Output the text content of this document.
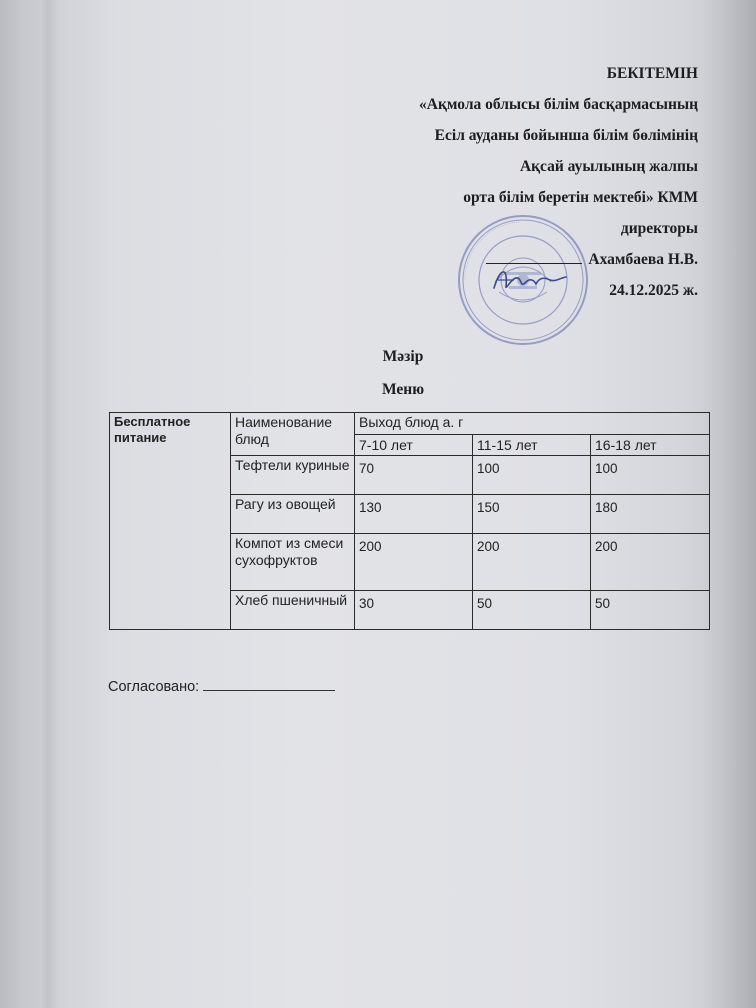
············································
БЕКІТЕМІН
«Ақмола облысы білім басқармасының
Есіл ауданы бойынша білім бөлімінің
Ақсай ауылының жалпы
орта білім беретін мектебі» КММ
директоры
Ахамбаева Н.В.
24.12.2025 ж.
Мәзір
Меню
Бесплатное питание	Наименование блюд	Выход блюд а. г		
		7-10 лет	11-15 лет	16-18 лет
	Тефтели куриные	70	100	100
	Рагу из овощей	130	150	180
	Компот из смеси сухофруктов	200	200	200
	Хлеб пшеничный	30	50	50
Согласовано:
